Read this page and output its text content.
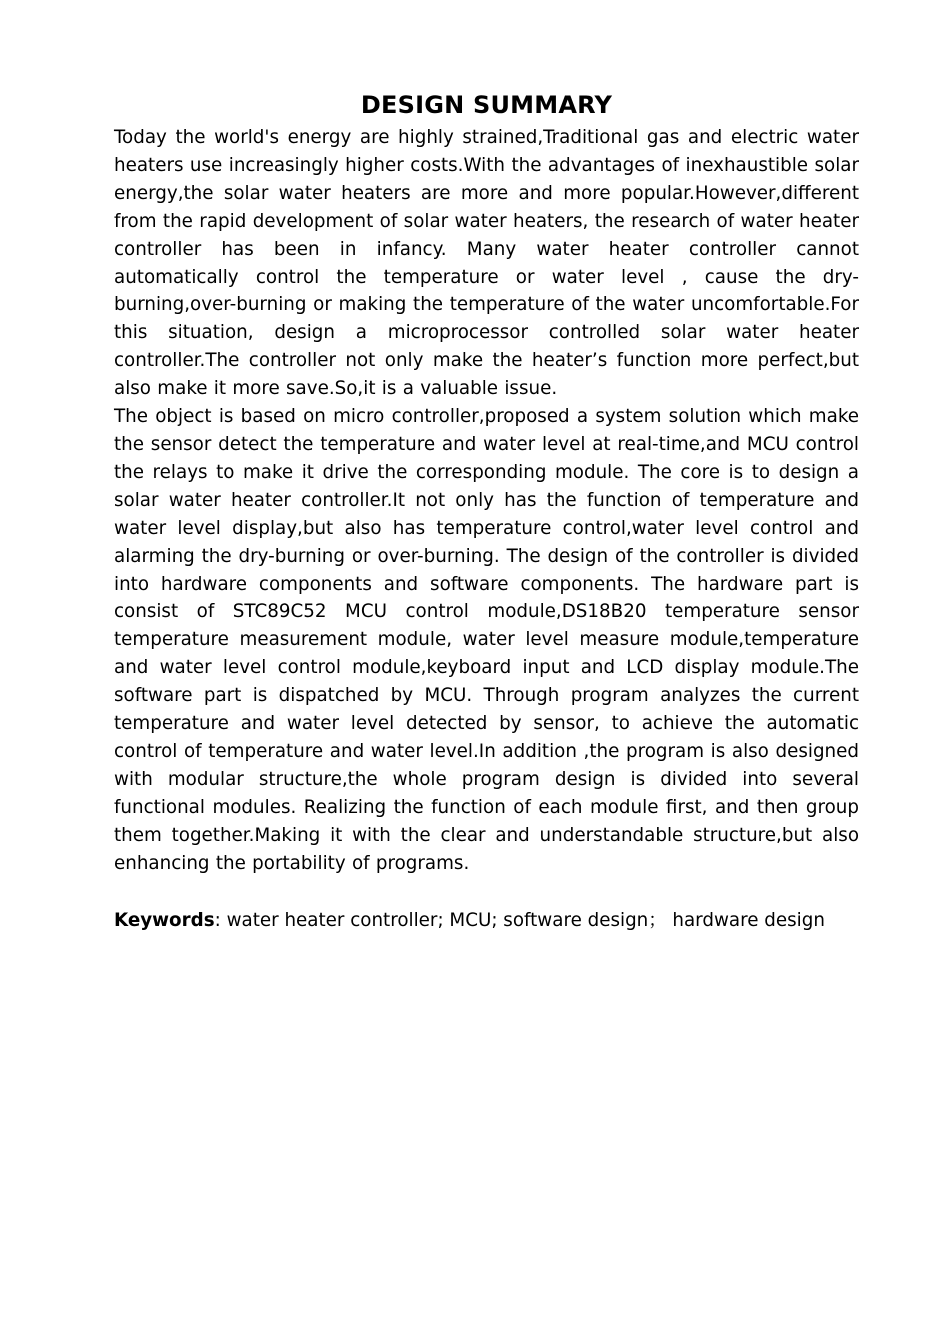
DESIGN SUMMARY

Today the world's energy are highly strained,Traditional gas and electric water heaters use increasingly higher costs.With the advantages of inexhaustible solar energy,the solar water heaters are more and more popular.However,different from the rapid development of solar water heaters, the research of water heater controller has been in infancy. Many water heater controller cannot automatically control the temperature or water level , cause the dry-burning,over-burning or making the temperature of the water uncomfortable.For this situation, design a microprocessor controlled solar water heater controller.The controller not only make the heater’s function more perfect,but also make it more save.So,it is a valuable issue.

The object is based on micro controller,proposed a system solution which make the sensor detect the temperature and water level at real-time,and MCU control the relays to make it drive the corresponding module. The core is to design a solar water heater controller.It not only has the function of temperature and water level display,but also has temperature control,water level control and alarming the dry-burning or over-burning. The design of the controller is divided into hardware components and software components. The hardware part is consist of STC89C52 MCU control module,DS18B20 temperature sensor temperature measurement module, water level measure module,temperature and water level control module,keyboard input and LCD display module.The software part is dispatched by MCU. Through program analyzes the current temperature and water level detected by sensor, to achieve the automatic control of temperature and water level.In addition ,the program is also designed with modular structure,the whole program design is divided into several functional modules. Realizing the function of each module first, and then group them together.Making it with the clear and understandable structure,but also enhancing the portability of programs.

Keywords: water heater controller; MCU; software design； hardware design
